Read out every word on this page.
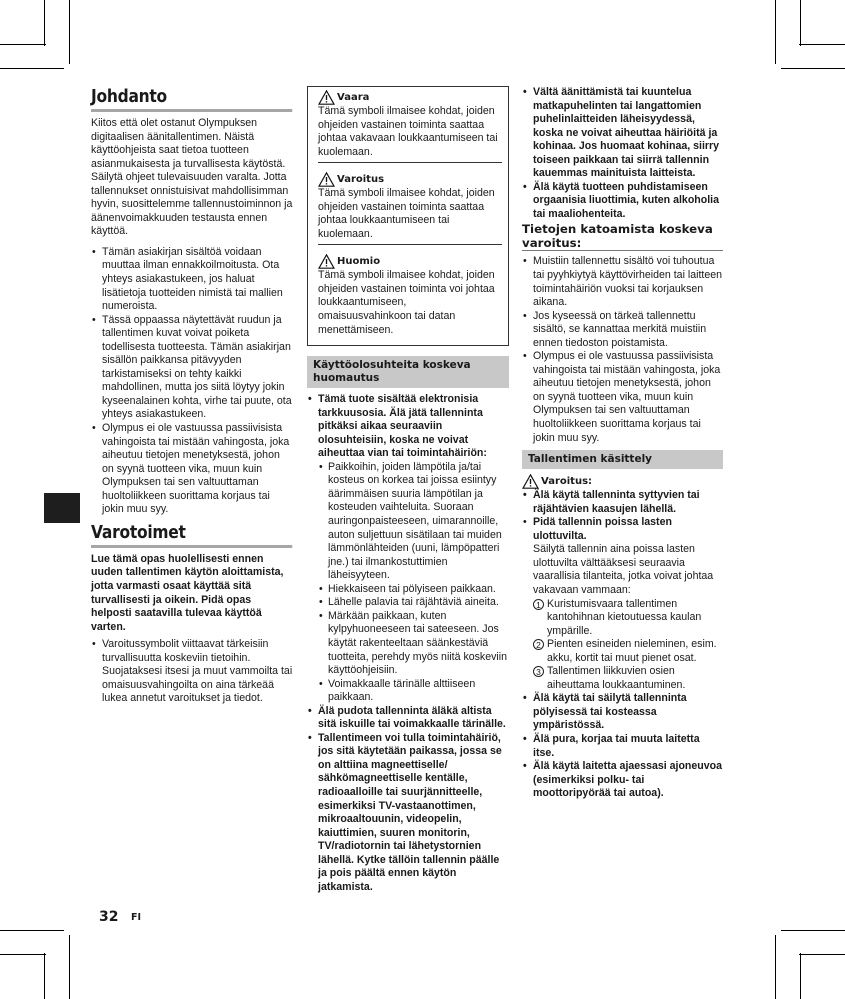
Johdanto

Kiitos että olet ostanut Olympuksen digitaalisen äänitallentimen. Näistä käyttöohjeista saat tietoa tuotteen asianmukaisesta ja turvallisesta käytöstä. Säilytä ohjeet tulevaisuuden varalta. Jotta tallennukset onnistuisivat mahdollisimman hyvin, suosittelemme tallennustoiminnon ja äänenvoimakkuuden testausta ennen käyttöä.

• Tämän asiakirjan sisältöä voidaan muuttaa ilman ennakkoilmoitusta. Ota yhteys asiakastukeen, jos haluat lisätietoja tuotteiden nimistä tai mallien numeroista.
• Tässä oppaassa näytettävät ruudun ja tallentimen kuvat voivat poiketa todellisesta tuotteesta. Tämän asiakirjan sisällön paikkansa pitävyyden tarkistamiseksi on tehty kaikki mahdollinen, mutta jos siitä löytyy jokin kyseenalainen kohta, virhe tai puute, ota yhteys asiakastukeen.
• Olympus ei ole vastuussa passiivisista vahingoista tai mistään vahingosta, joka aiheutuu tietojen menetyksestä, johon on syynä tuotteen vika, muun kuin Olympuksen tai sen valtuuttaman huoltoliikkeen suorittama korjaus tai jokin muu syy.
Varotoimet

Lue tämä opas huolellisesti ennen uuden tallentimen käytön aloittamista, jotta varmasti osaat käyttää sitä turvallisesti ja oikein. Pidä opas helposti saatavilla tulevaa käyttöä varten.

• Varoitussymbolit viittaavat tärkeisiin turvallisuutta koskeviin tietoihin. Suojataksesi itsesi ja muut vammoilta tai omaisuusvahingoilta on aina tärkeää lukea annetut varoitukset ja tiedot.
Vaara

Tämä symboli ilmaisee kohdat, joiden ohjeiden vastainen toiminta saattaa johtaa vakavaan loukkaantumiseen tai kuolemaan.

Varoitus

Tämä symboli ilmaisee kohdat, joiden ohjeiden vastainen toiminta saattaa johtaa loukkaantumiseen tai kuolemaan.

Huomio

Tämä symboli ilmaisee kohdat, joiden ohjeiden vastainen toiminta voi johtaa loukkaantumiseen, omaisuusvahinkoon tai datan menettämiseen.

Käyttöolosuhteita koskeva huomautus
• Tämä tuote sisältää elektronisia tarkkuusosia. Älä jätä tallenninta pitkäksi aikaa seuraaviin olosuhteisiin, koska ne voivat aiheuttaa vian tai toimintahäiriön:
• Paikkoihin, joiden lämpötila ja/tai kosteus on korkea tai joissa esiintyy äärimmäisen suuria lämpötilan ja kosteuden vaihteluita. Suoraan auringonpaisteeseen, uimarannoille, auton suljettuun sisätilaan tai muiden lämmönlähteiden (uuni, lämpöpatteri jne.) tai ilmankostuttimien läheisyyteen.
• Hiekkaiseen tai pölyiseen paikkaan.
• Lähelle palavia tai räjähtäviä aineita.
• Märkään paikkaan, kuten kylpyhuoneeseen tai sateeseen. Jos käytät rakenteeltaan säänkestäviä tuotteita, perehdy myös niitä koskeviin käyttöohjeisiin.
• Voimakkaalle tärinälle alttiiseen paikkaan.
• Älä pudota tallenninta äläkä altista sitä iskuille tai voimakkaalle tärinälle.
• Tallentimeen voi tulla toimintahäiriö, jos sitä käytetään paikassa, jossa se on alttiina magneettiselle/ sähkömagneettiselle kentälle, radioaalloille tai suurjännitteelle, esimerkiksi TV-vastaanottimen, mikroaaltouunin, videopelin, kaiuttimien, suuren monitorin, TV/radiotornin tai lähetystornien lähellä. Kytke tällöin tallennin päälle ja pois päältä ennen käytön jatkamista.
• Vältä äänittämistä tai kuuntelua matkapuhelinten tai langattomien puhelinlaitteiden läheisyydessä, koska ne voivat aiheuttaa häiriöitä ja kohinaa. Jos huomaat kohinaa, siirry toiseen paikkaan tai siirrä tallennin kauemmas mainituista laitteista.
• Älä käytä tuotteen puhdistamiseen orgaanisia liuottimia, kuten alkoholia tai maaliohenteita.
Tietojen katoamista koskeva varoitus:
• Muistiin tallennettu sisältö voi tuhoutua tai pyyhkiytyä käyttövirheiden tai laitteen toimintahäiriön vuoksi tai korjauksen aikana.
• Jos kyseessä on tärkeä tallennettu sisältö, se kannattaa merkitä muistiin ennen tiedoston poistamista.
• Olympus ei ole vastuussa passiivisista vahingoista tai mistään vahingosta, joka aiheutuu tietojen menetyksestä, johon on syynä tuotteen vika, muun kuin Olympuksen tai sen valtuuttaman huoltoliikkeen suorittama korjaus tai jokin muu syy.
Tallentimen käsittely
Varoitus:
• Älä käytä tallenninta syttyvien tai räjähtävien kaasujen lähellä.
• Pidä tallennin poissa lasten ulottuvilta.
Säilytä tallennin aina poissa lasten ulottuvilta välttääksesi seuraavia vaarallisia tilanteita, jotka voivat johtaa vakavaan vammaan:
1 Kuristumisvaara tallentimen kantohihnan kietoutuessa kaulan ympärille.
2 Pienten esineiden nieleminen, esim. akku, kortit tai muut pienet osat.
3 Tallentimen liikkuvien osien aiheuttama loukkaantuminen.
• Älä käytä tai säilytä tallenninta pölyisessä tai kosteassa ympäristössä.
• Älä pura, korjaa tai muuta laitetta itse.
• Älä käytä laitetta ajaessasi ajoneuvoa (esimerkiksi polku- tai moottoripyörää tai autoa).
32 FI
